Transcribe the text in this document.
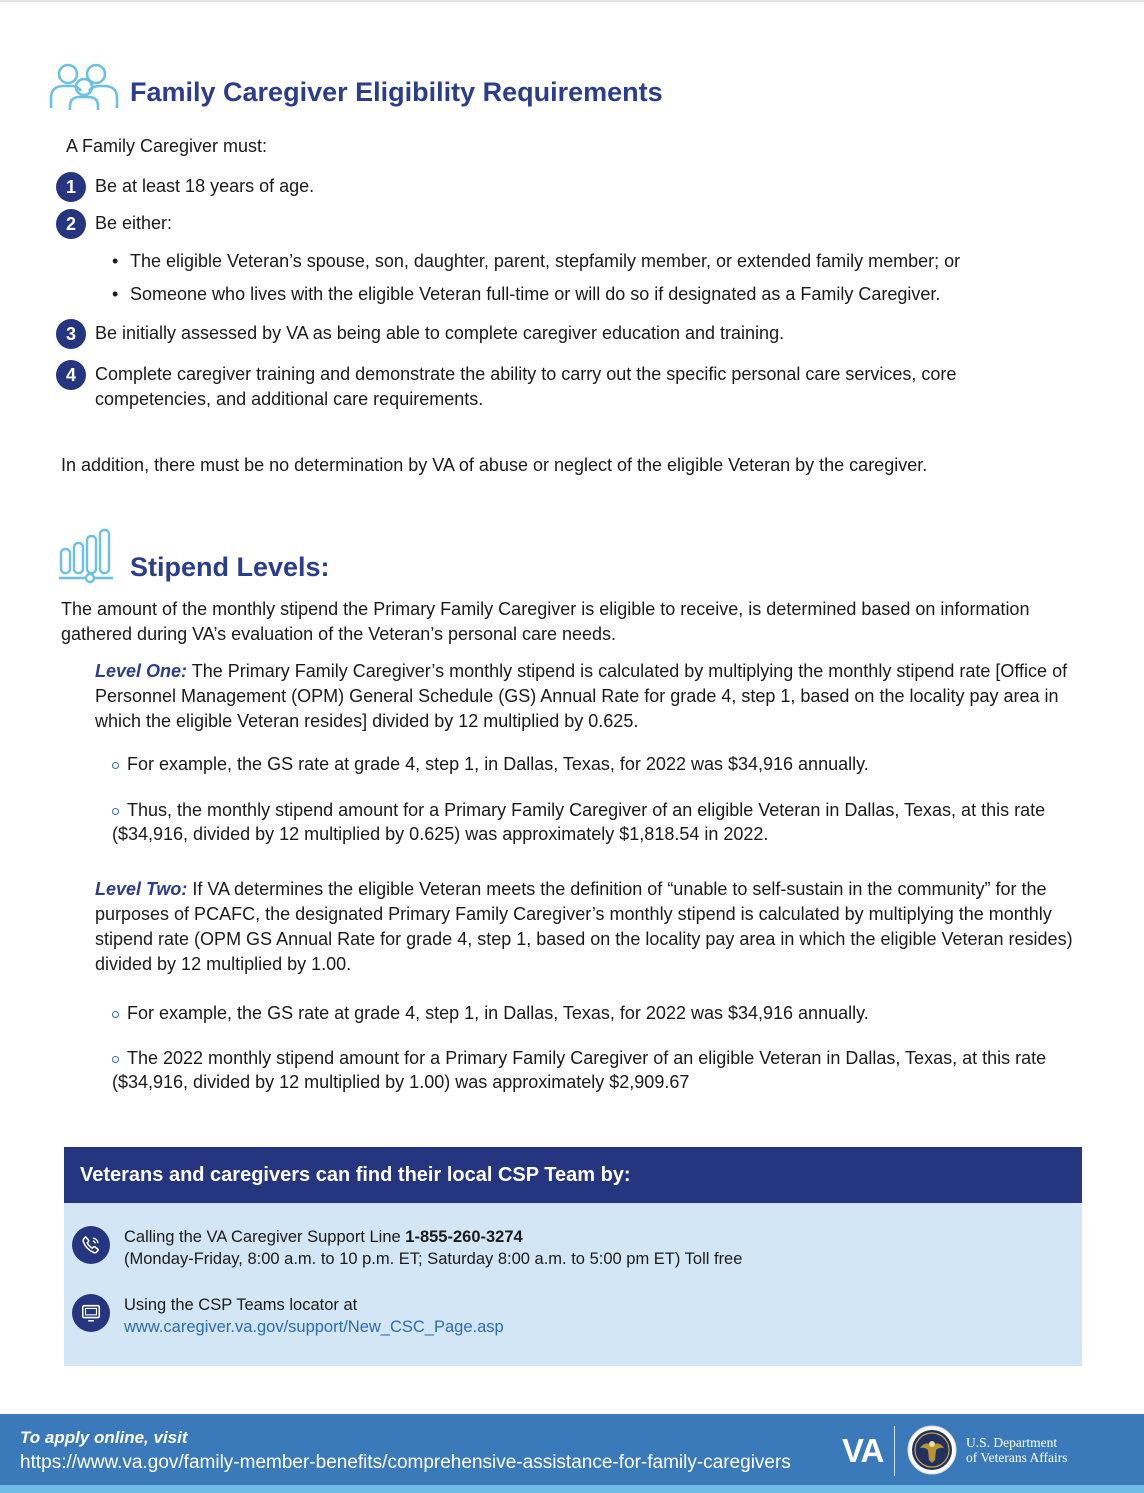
Family Caregiver Eligibility Requirements
A Family Caregiver must:
1	Be at least 18 years of age.
2	Be either:
• The eligible Veteran’s spouse, son, daughter, parent, stepfamily member, or extended family member; or
• Someone who lives with the eligible Veteran full-time or will do so if designated as a Family Caregiver.
3	Be initially assessed by VA as being able to complete caregiver education and training.
4	Complete caregiver training and demonstrate the ability to carry out the specific personal care services, core competencies, and additional care requirements.
In addition, there must be no determination by VA of abuse or neglect of the eligible Veteran by the caregiver.
Stipend Levels:
The amount of the monthly stipend the Primary Family Caregiver is eligible to receive, is determined based on information gathered during VA’s evaluation of the Veteran’s personal care needs.
Level One: The Primary Family Caregiver’s monthly stipend is calculated by multiplying the monthly stipend rate [Office of Personnel Management (OPM) General Schedule (GS) Annual Rate for grade 4, step 1, based on the locality pay area in which the eligible Veteran resides] divided by 12 multiplied by 0.625.
For example, the GS rate at grade 4, step 1, in Dallas, Texas, for 2022 was $34,916 annually.
Thus, the monthly stipend amount for a Primary Family Caregiver of an eligible Veteran in Dallas, Texas, at this rate ($34,916, divided by 12 multiplied by 0.625) was approximately $1,818.54 in 2022.
Level Two: If VA determines the eligible Veteran meets the definition of “unable to self-sustain in the community” for the purposes of PCAFC, the designated Primary Family Caregiver’s monthly stipend is calculated by multiplying the monthly stipend rate (OPM GS Annual Rate for grade 4, step 1, based on the locality pay area in which the eligible Veteran resides) divided by 12 multiplied by 1.00.
For example, the GS rate at grade 4, step 1, in Dallas, Texas, for 2022 was $34,916 annually.
The 2022 monthly stipend amount for a Primary Family Caregiver of an eligible Veteran in Dallas, Texas, at this rate ($34,916, divided by 12 multiplied by 1.00) was approximately $2,909.67
Veterans and caregivers can find their local CSP Team by:
Calling the VA Caregiver Support Line 1-855-260-3274
(Monday-Friday, 8:00 a.m. to 10 p.m. ET; Saturday 8:00 a.m. to 5:00 pm ET) Toll free
Using the CSP Teams locator at
www.caregiver.va.gov/support/New_CSC_Page.asp
To apply online, visit
https://www.va.gov/family-member-benefits/comprehensive-assistance-for-family-caregivers VA	U.S. Department
of Veterans Affairs
